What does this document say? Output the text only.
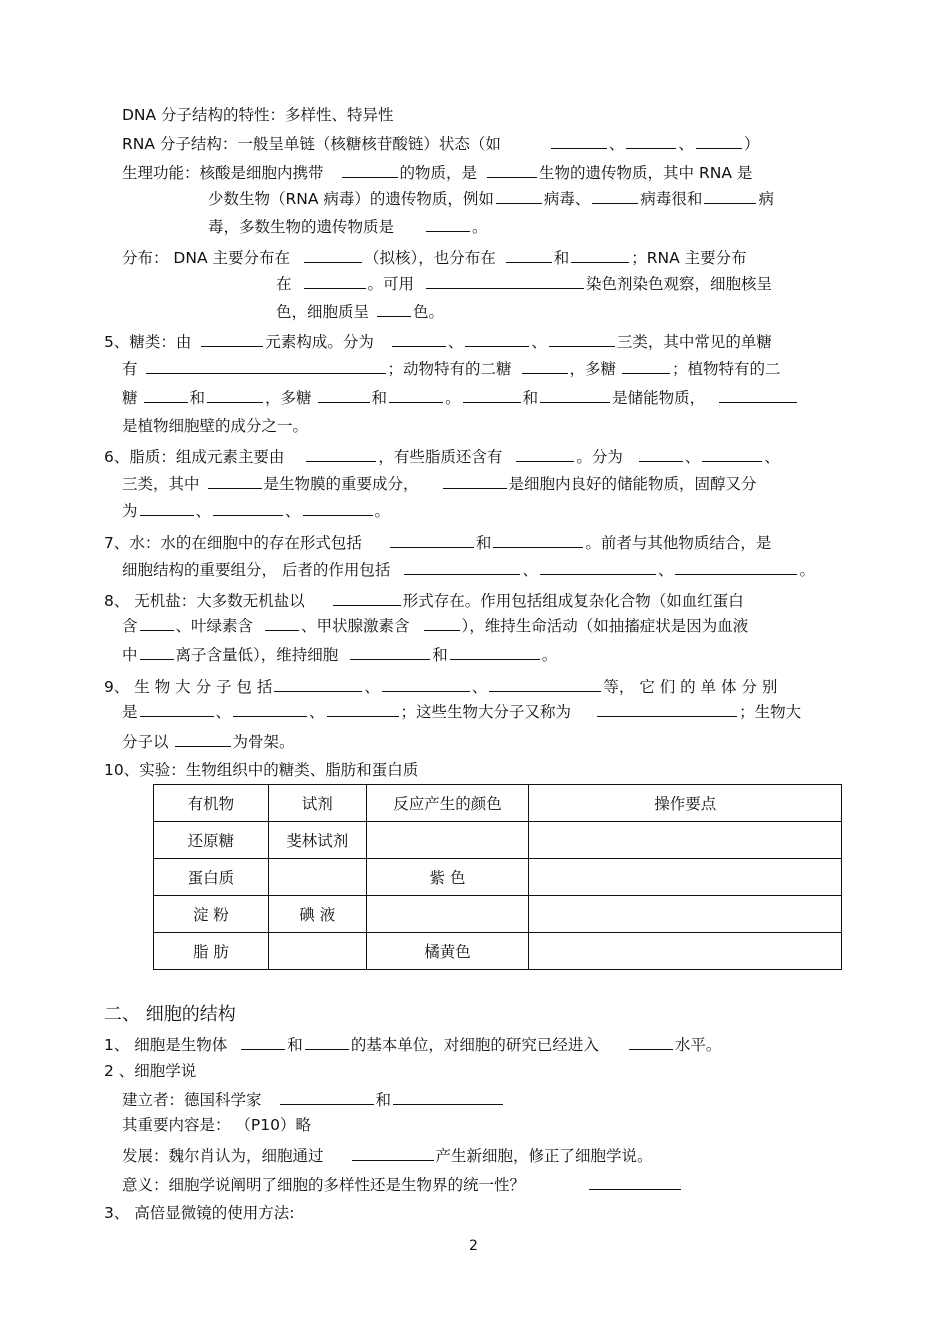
DNA 分子结构的特性：多样性、特异性
RNA 分子结构：一般呈单链（核糖核苷酸链）状态（如	、	、	）
生理功能：核酸是细胞内携带	的物质，是	生物的遗传物质，其中 RNA 是
少数生物（RNA 病毒）的遗传物质，例如	病毒、	病毒很和	病
毒，多数生物的遗传物质是	。
分布： DNA 主要分布在	（拟核），也分布在	和	；RNA 主要分布
在	。可用	染色剂染色观察，细胞核呈
色，细胞质呈	色。
5、糖类：由	元素构成。分为	、	、	三类，其中常见的单糖
有	；动物特有的二糖	，多糖	；植物特有的二
糖	和	，多糖	和	。	和	是储能物质，
是植物细胞壁的成分之一。
6、脂质：组成元素主要由	，有些脂质还含有	。分为	、	、
三类，其中	是生物膜的重要成分，	是细胞内良好的储能物质，固醇又分
为	、	、	。
7、水：水的在细胞中的存在形式包括	和	。前者与其他物质结合，是
细胞结构的重要组分， 后者的作用包括	、	、	。
8、 无机盐：大多数无机盐以	形式存在。作用包括组成复杂化合物（如血红蛋白
含 、叶绿素含	、甲状腺激素含	），维持生命活动（如抽搐症状是因为血液
中 离子含量低），维持细胞	和	。
9、 生 物 大 分 子 包 括	、	、	等， 它 们 的 单 体 分 别
是	、	、	；这些生物大分子又称为	；生物大
分子以	为骨架。
10、实验：生物组织中的糖类、脂肪和蛋白质
有机物	试剂	反应产生的颜色	操作要点
还原糖	斐林试剂		
蛋白质		紫 色	
淀 粉	碘 液		
脂 肪		橘黄色	
二、 细胞的结构
1、 细胞是生物体	和	的基本单位，对细胞的研究已经进入	水平。
2 、细胞学说
建立者：德国科学家	和
其重要内容是： （P10）略
发展：魏尔肖认为，细胞通过	产生新细胞，修正了细胞学说。
意义：细胞学说阐明了细胞的多样性还是生物界的统一性？
3、 高倍显微镜的使用方法:
2
